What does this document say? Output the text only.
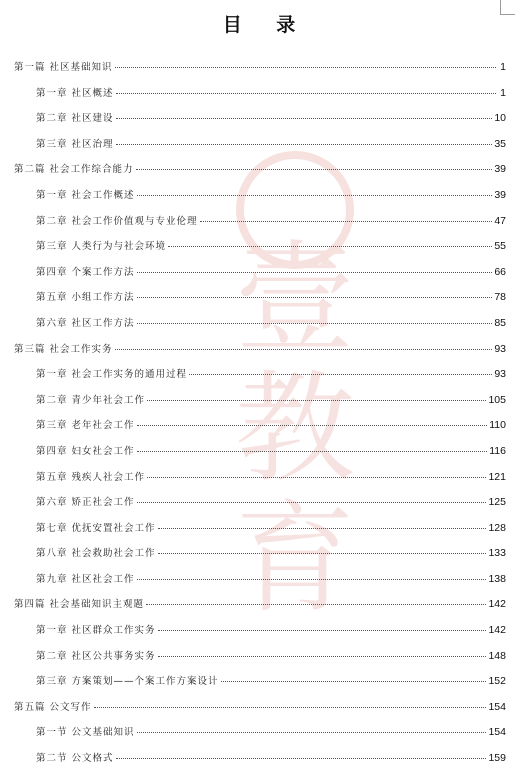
壹
教
育
目 录
第一篇 社区基础知识	1
第一章 社区概述	1
第二章 社区建设	10
第三章 社区治理	35
第二篇 社会工作综合能力	39
第一章 社会工作概述	39
第二章 社会工作价值观与专业伦理	47
第三章 人类行为与社会环境	55
第四章 个案工作方法	66
第五章 小组工作方法	78
第六章 社区工作方法	85
第三篇 社会工作实务	93
第一章 社会工作实务的通用过程	93
第二章 青少年社会工作	105
第三章 老年社会工作	110
第四章 妇女社会工作	116
第五章 残疾人社会工作	121
第六章 矫正社会工作	125
第七章 优抚安置社会工作	128
第八章 社会救助社会工作	133
第九章 社区社会工作	138
第四篇 社会基础知识主观题	142
第一章 社区群众工作实务	142
第二章 社区公共事务实务	148
第三章 方案策划——个案工作方案设计	152
第五篇 公文写作	154
第一节 公文基础知识	154
第二节 公文格式	159
